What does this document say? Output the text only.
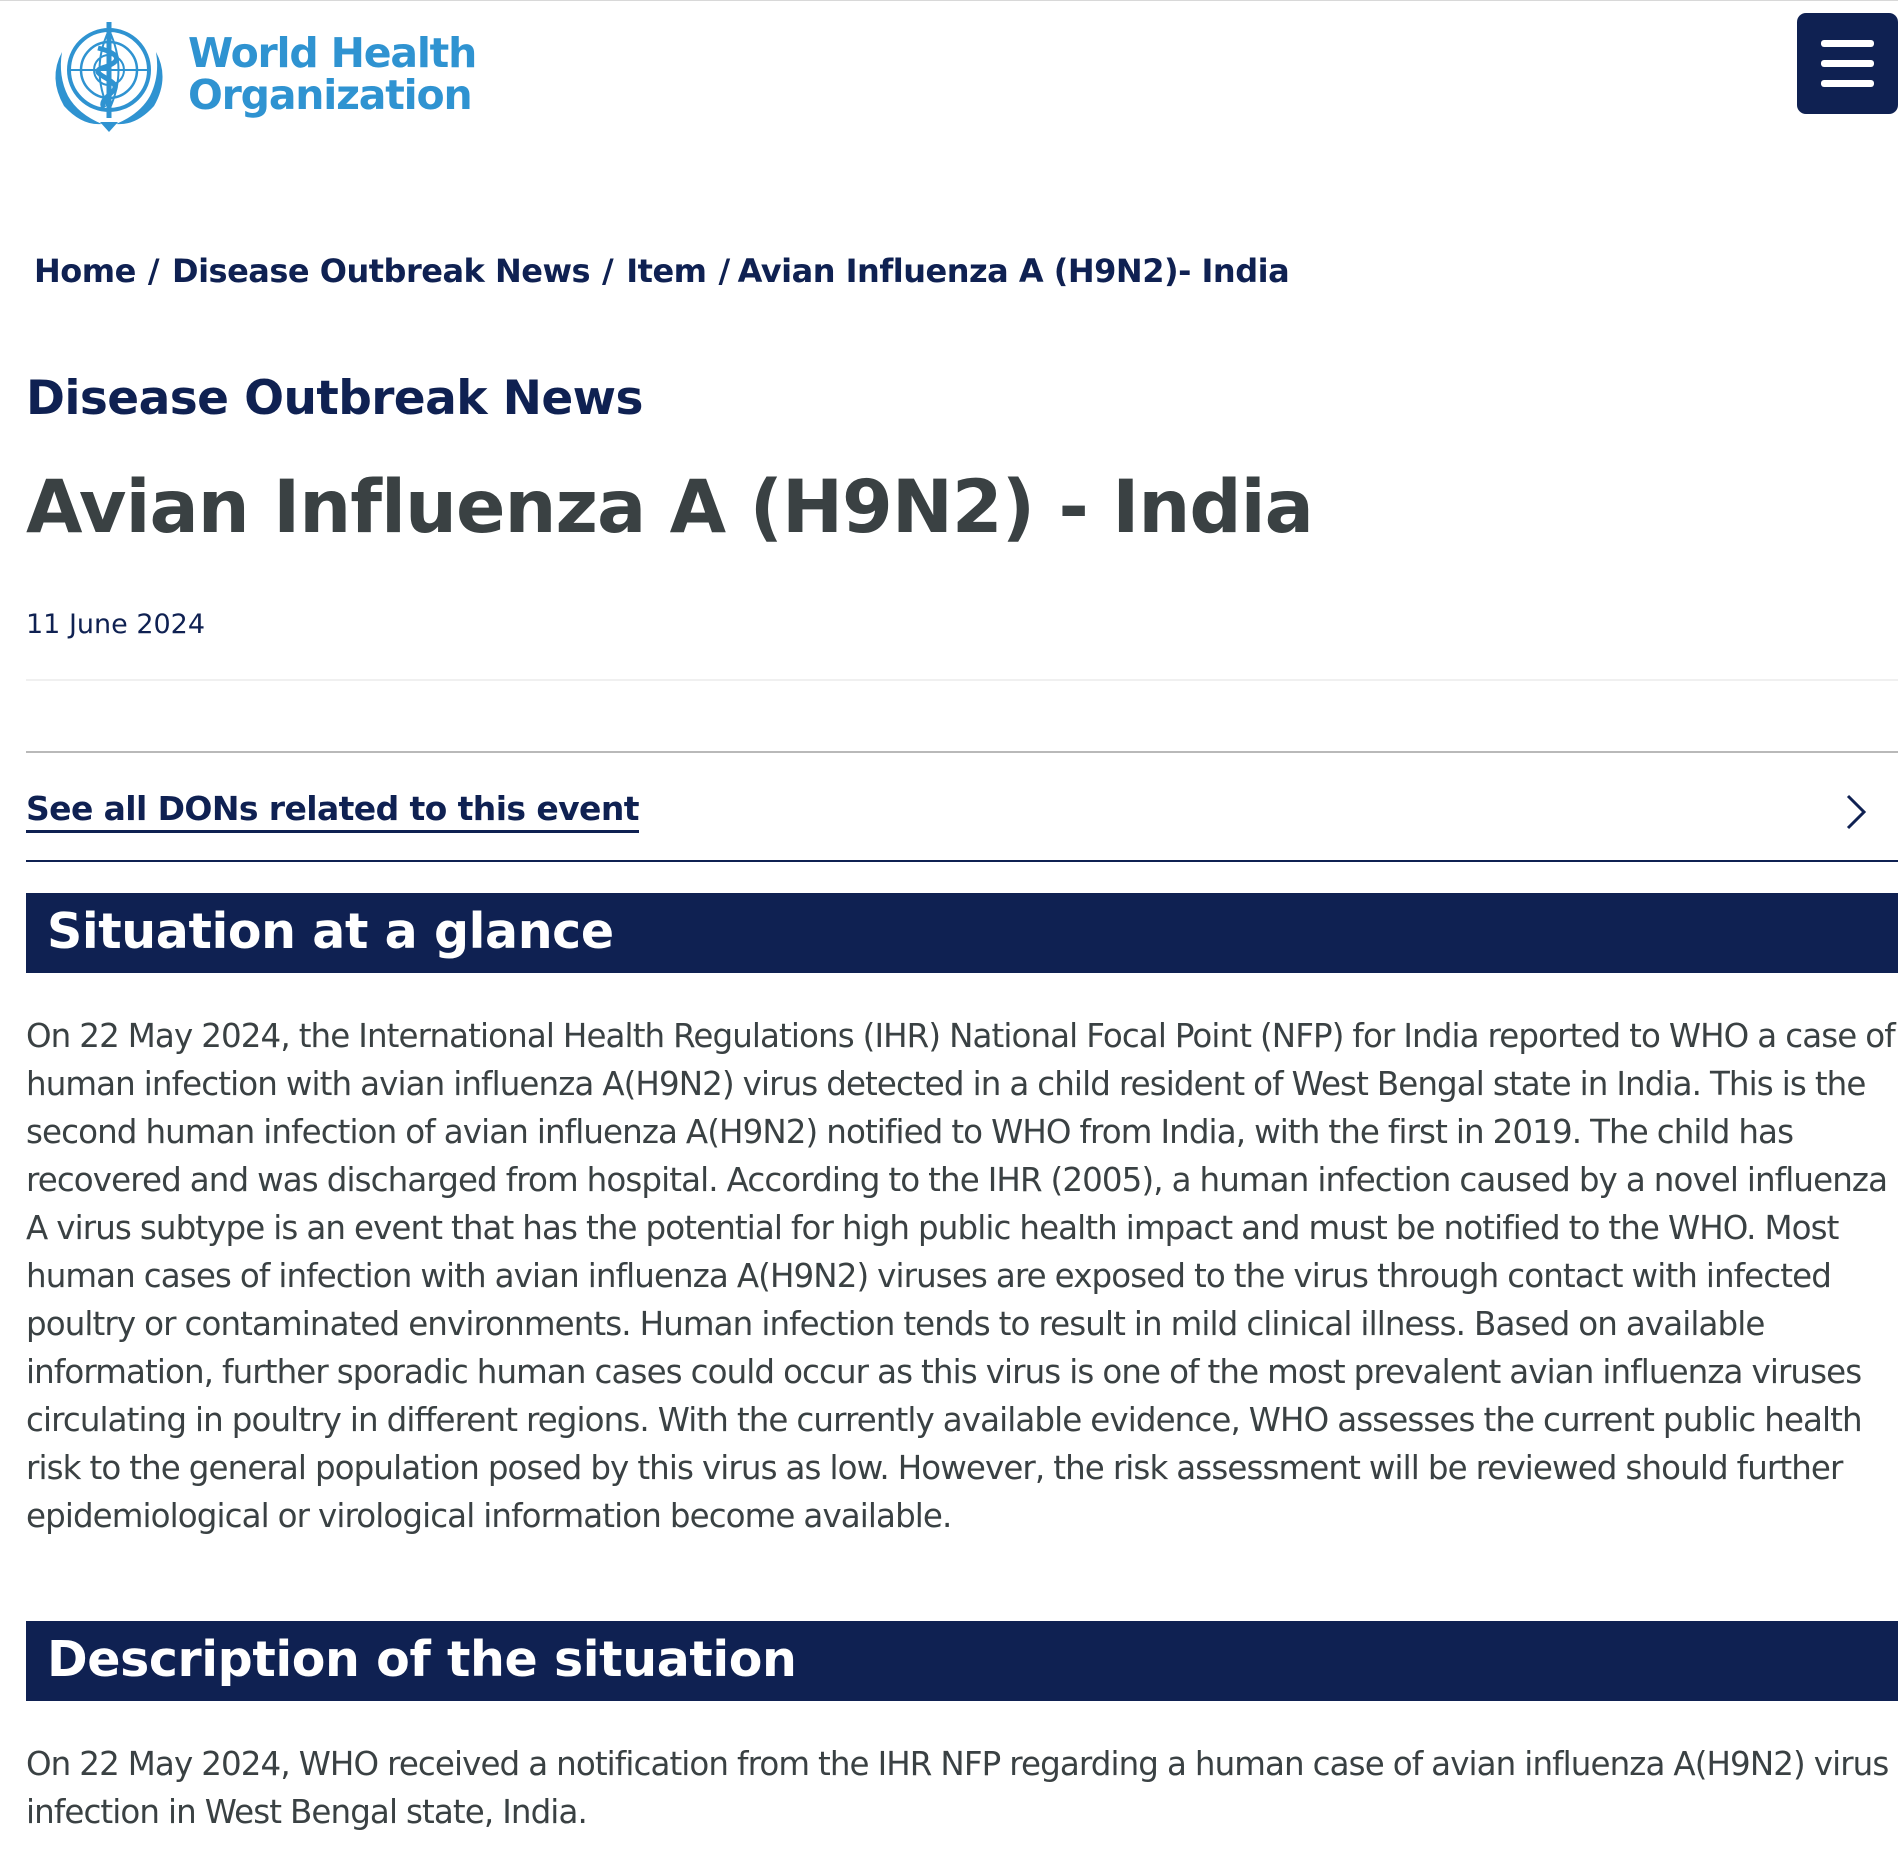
World Health
Organization
Home / Disease Outbreak News / Item / Avian Influenza A (H9N2)- India
Disease Outbreak News
Avian Influenza A (H9N2) - India
11 June 2024
See all DONs related to this event
Situation at a glance

On 22 May 2024, the International Health Regulations (IHR) National Focal Point (NFP) for India reported to WHO a case of human infection with avian influenza A(H9N2) virus detected in a child resident of West Bengal state in India. This is the second human infection of avian influenza A(H9N2) notified to WHO from India, with the first in 2019. The child has recovered and was discharged from hospital. According to the IHR (2005), a human infection caused by a novel influenza A virus subtype is an event that has the potential for high public health impact and must be notified to the WHO. Most human cases of infection with avian influenza A(H9N2) viruses are exposed to the virus through contact with infected poultry or contaminated environments. Human infection tends to result in mild clinical illness. Based on available information, further sporadic human cases could occur as this virus is one of the most prevalent avian influenza viruses circulating in poultry in different regions. With the currently available evidence, WHO assesses the current public health risk to the general population posed by this virus as low. However, the risk assessment will be reviewed should further epidemiological or virological information become available.

Description of the situation

On 22 May 2024, WHO received a notification from the IHR NFP regarding a human case of avian influenza A(H9N2) virus infection in West Bengal state, India.
